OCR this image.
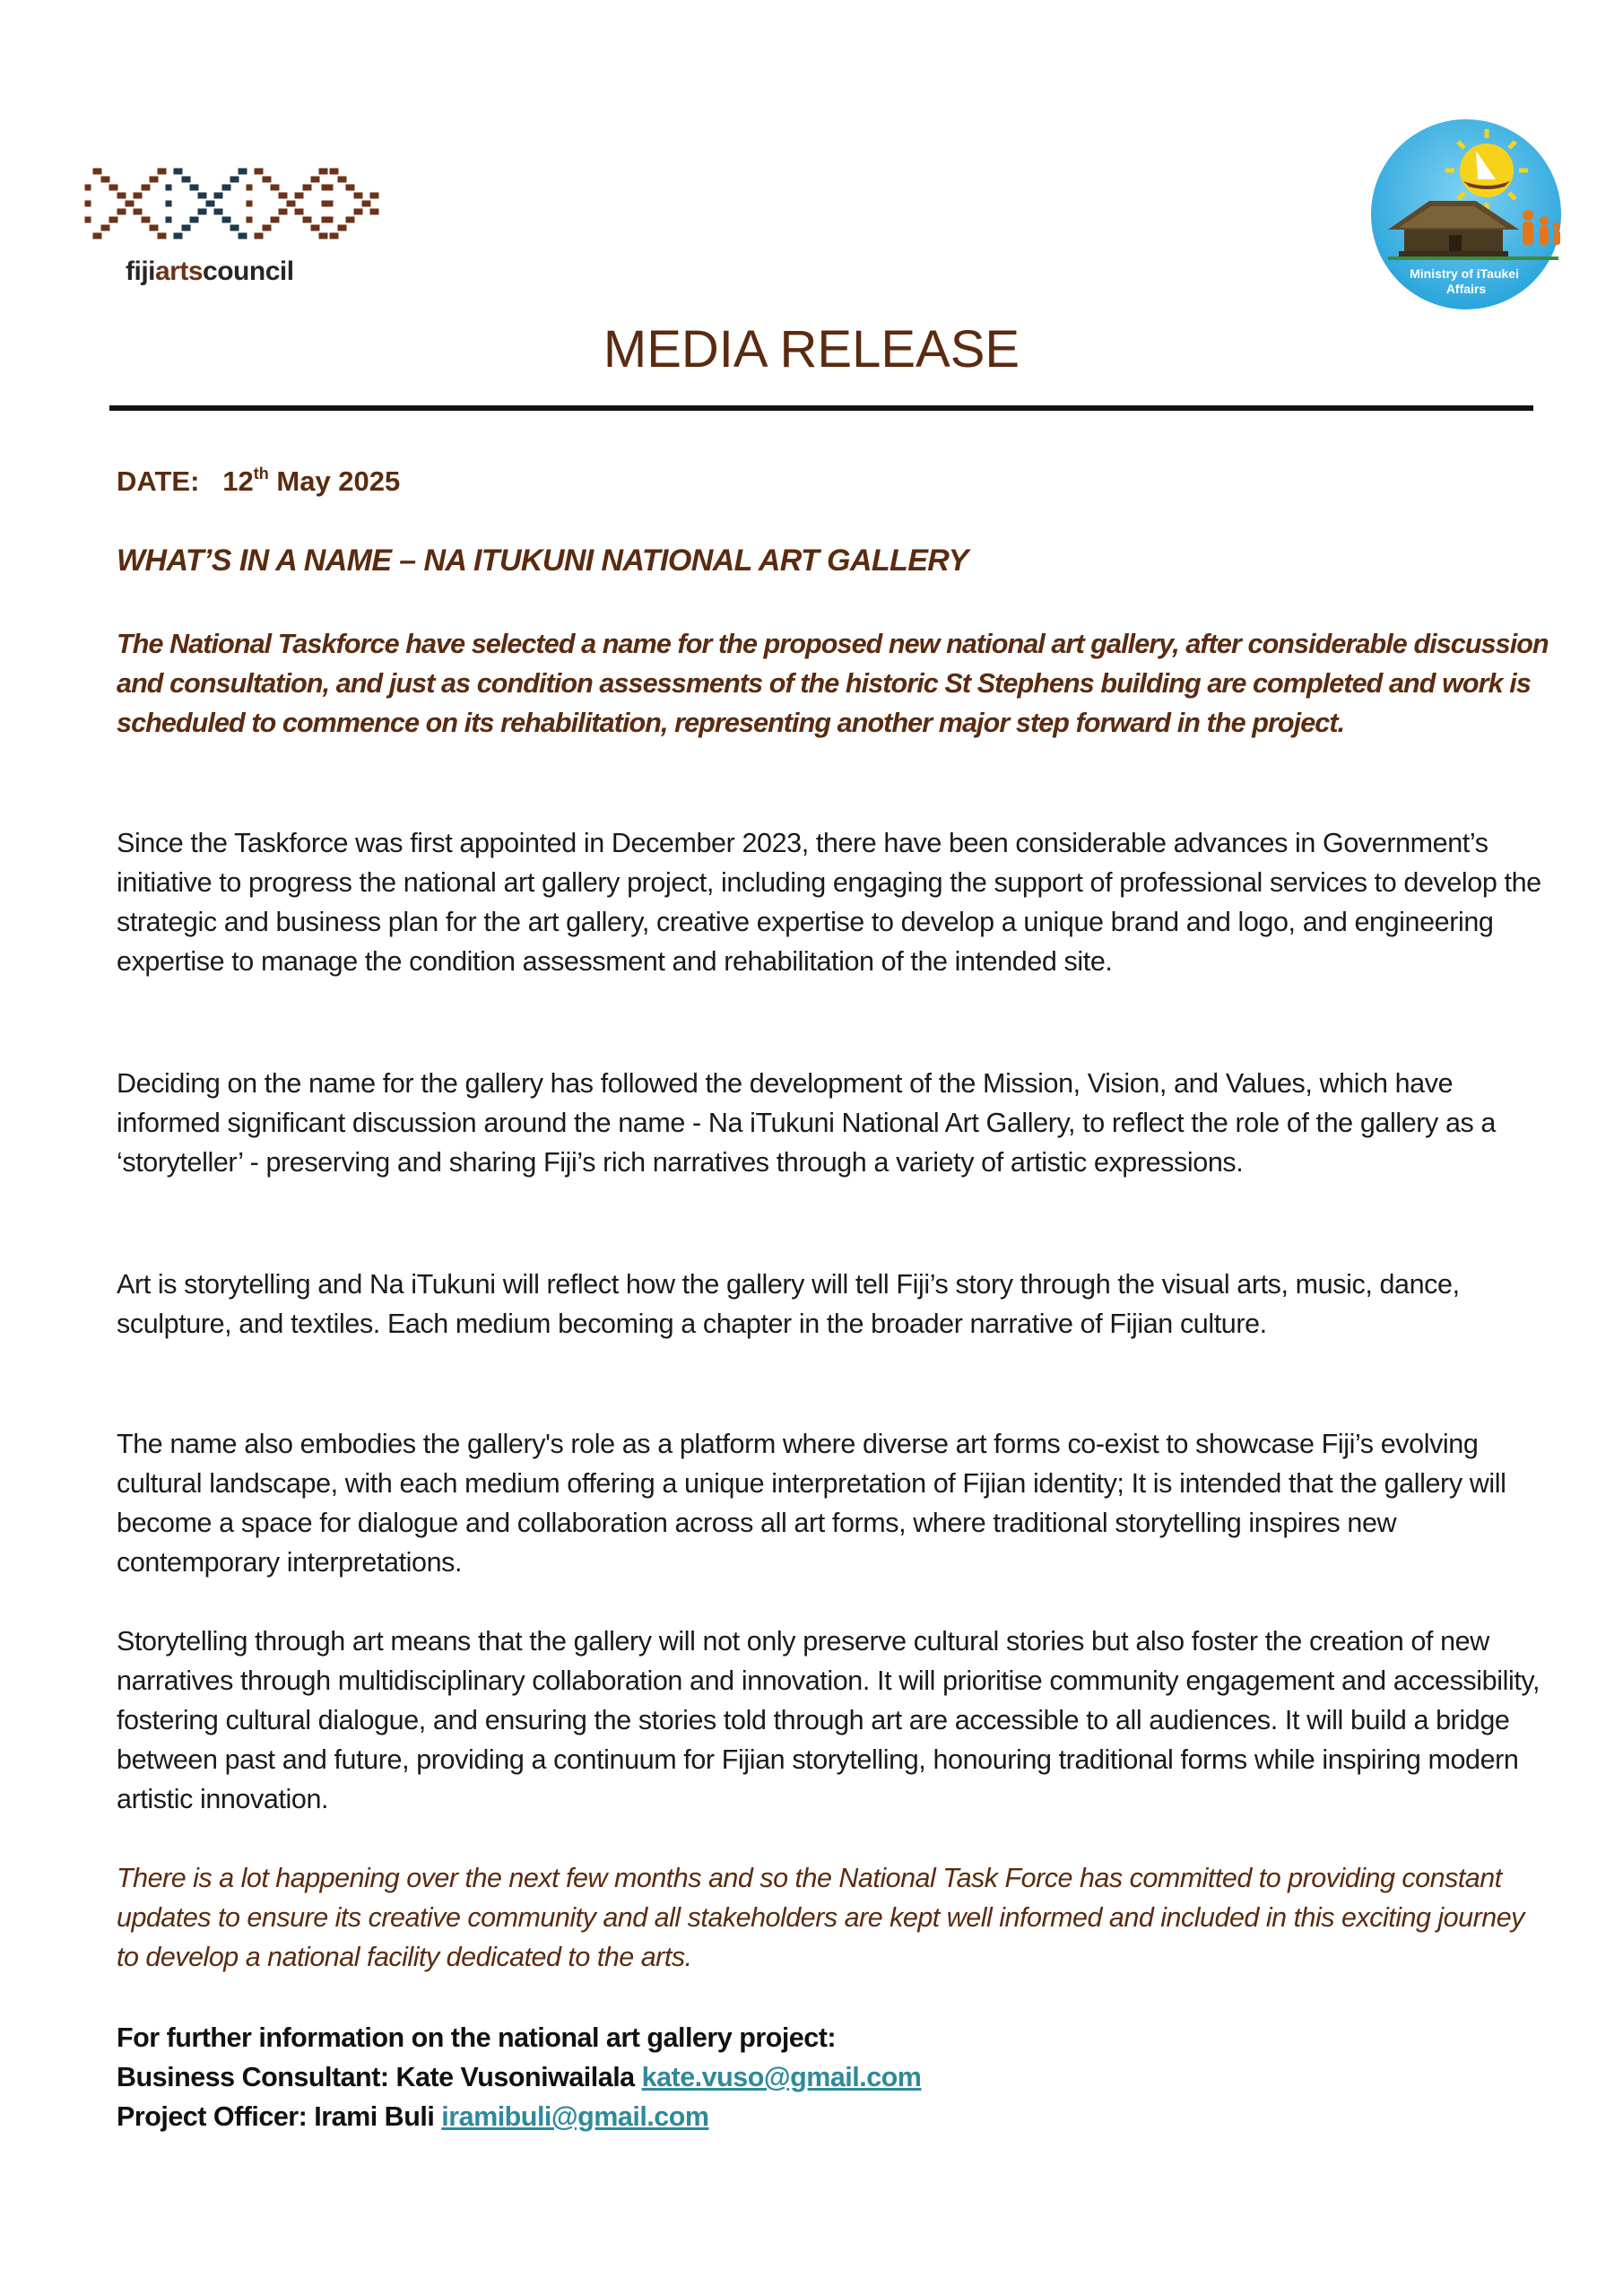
fijiartscouncil	Ministry of iTaukei Affairs
MEDIA RELEASE
DATE: 12th May 2025
WHAT’S IN A NAME – NA ITUKUNI NATIONAL ART GALLERY
The National Taskforce have selected a name for the proposed new national art gallery, after considerable discussion and consultation, and just as condition assessments of the historic St Stephens building are completed and work is scheduled to commence on its rehabilitation, representing another major step forward in the project.
Since the Taskforce was first appointed in December 2023, there have been considerable advances in Government’s initiative to progress the national art gallery project, including engaging the support of professional services to develop the strategic and business plan for the art gallery, creative expertise to develop a unique brand and logo, and engineering expertise to manage the condition assessment and rehabilitation of the intended site.
Deciding on the name for the gallery has followed the development of the Mission, Vision, and Values, which have informed significant discussion around the name - Na iTukuni National Art Gallery, to reflect the role of the gallery as a ‘storyteller’ - preserving and sharing Fiji’s rich narratives through a variety of artistic expressions.
Art is storytelling and Na iTukuni will reflect how the gallery will tell Fiji’s story through the visual arts, music, dance, sculpture, and textiles. Each medium becoming a chapter in the broader narrative of Fijian culture.
The name also embodies the gallery's role as a platform where diverse art forms co-exist to showcase Fiji’s evolving cultural landscape, with each medium offering a unique interpretation of Fijian identity; It is intended that the gallery will become a space for dialogue and collaboration across all art forms, where traditional storytelling inspires new contemporary interpretations.
Storytelling through art means that the gallery will not only preserve cultural stories but also foster the creation of new narratives through multidisciplinary collaboration and innovation. It will prioritise community engagement and accessibility, fostering cultural dialogue, and ensuring the stories told through art are accessible to all audiences. It will build a bridge between past and future, providing a continuum for Fijian storytelling, honouring traditional forms while inspiring modern artistic innovation.
There is a lot happening over the next few months and so the National Task Force has committed to providing constant updates to ensure its creative community and all stakeholders are kept well informed and included in this exciting journey to develop a national facility dedicated to the arts.
For further information on the national art gallery project:
Business Consultant: Kate Vusoniwailala kate.vuso@gmail.com
Project Officer: Irami Buli iramibuli@gmail.com
